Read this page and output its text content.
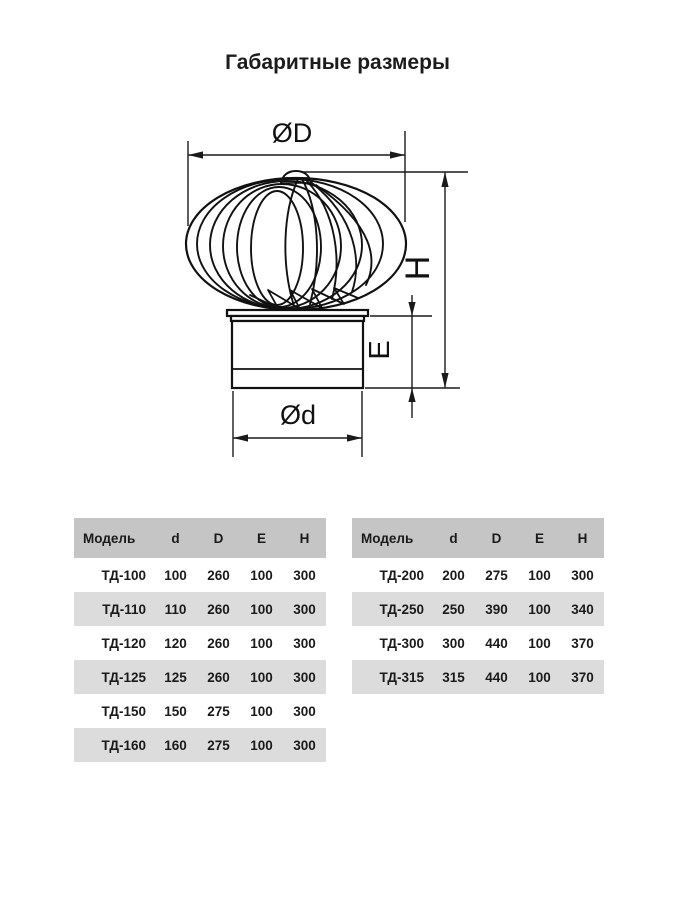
Габаритные размеры
ØD
H
E
Ød
Модель	d	D	E	H
ТД-100	100	260	100	300
ТД-110	110	260	100	300
ТД-120	120	260	100	300
ТД-125	125	260	100	300
ТД-150	150	275	100	300
ТД-160	160	275	100	300
Модель	d	D	E	H
ТД-200	200	275	100	300
ТД-250	250	390	100	340
ТД-300	300	440	100	370
ТД-315	315	440	100	370
